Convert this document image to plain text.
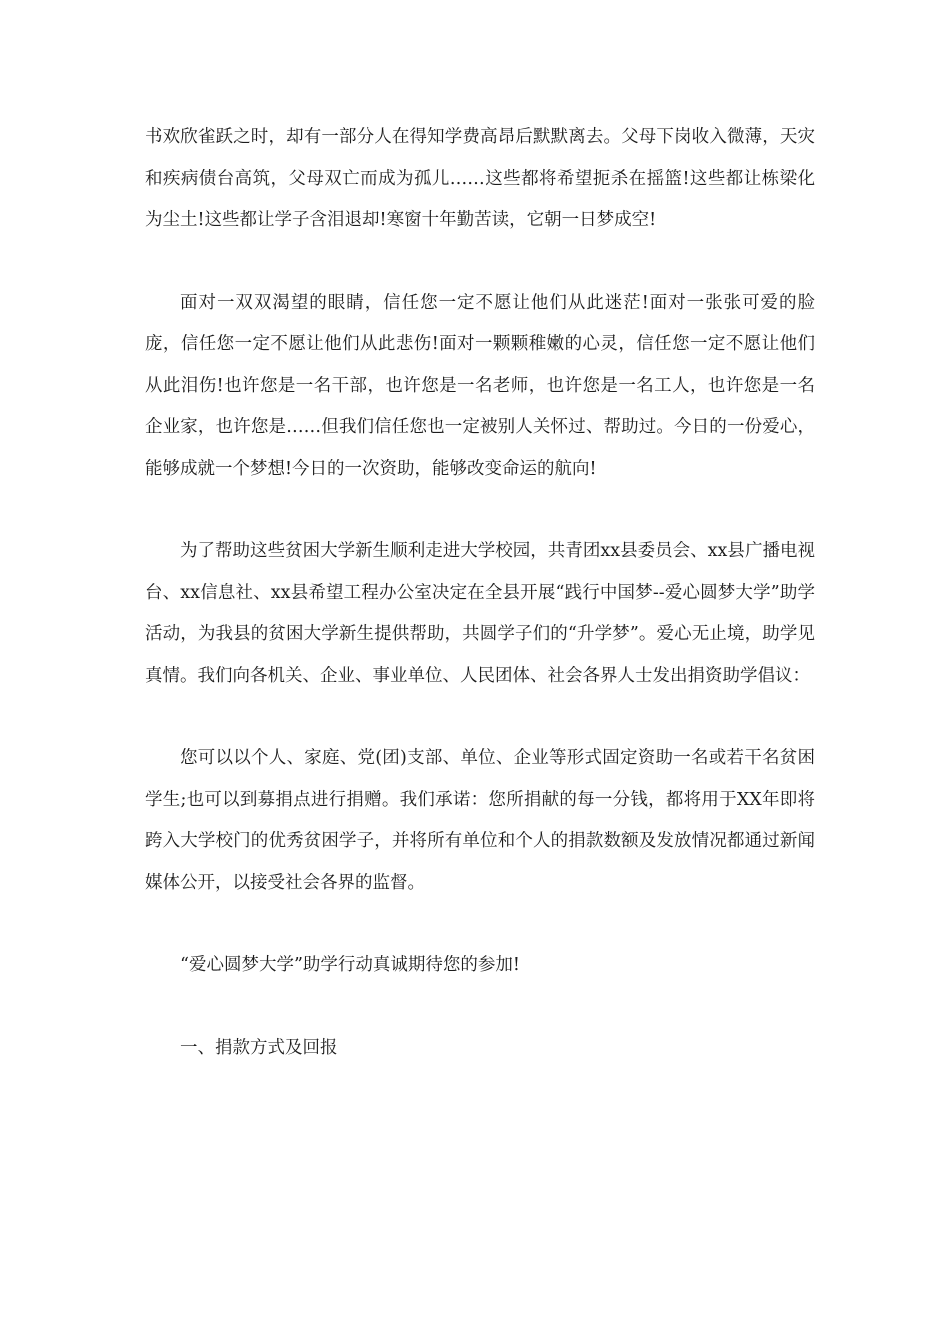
书欢欣雀跃之时，却有一部分人在得知学费高昂后默默离去。父母下岗收入微薄，天灾和疾病债台高筑，父母双亡而成为孤儿……这些都将希望扼杀在摇篮!这些都让栋梁化为尘土!这些都让学子含泪退却!寒窗十年勤苦读，它朝一日梦成空!

面对一双双渴望的眼睛，信任您一定不愿让他们从此迷茫!面对一张张可爱的脸庞，信任您一定不愿让他们从此悲伤!面对一颗颗稚嫩的心灵，信任您一定不愿让他们从此泪伤!也许您是一名干部，也许您是一名老师，也许您是一名工人，也许您是一名企业家，也许您是……但我们信任您也一定被别人关怀过、帮助过。今日的一份爱心，能够成就一个梦想!今日的一次资助，能够改变命运的航向!

为了帮助这些贫困大学新生顺利走进大学校园，共青团xx县委员会、xx县广播电视台、xx信息社、xx县希望工程办公室决定在全县开展“践行中国梦--爱心圆梦大学”助学活动，为我县的贫困大学新生提供帮助，共圆学子们的“升学梦”。爱心无止境，助学见真情。我们向各机关、企业、事业单位、人民团体、社会各界人士发出捐资助学倡议：

您可以以个人、家庭、党(团)支部、单位、企业等形式固定资助一名或若干名贫困学生;也可以到募捐点进行捐赠。我们承诺：您所捐献的每一分钱，都将用于XX年即将跨入大学校门的优秀贫困学子，并将所有单位和个人的捐款数额及发放情况都通过新闻媒体公开，以接受社会各界的监督。

“爱心圆梦大学”助学行动真诚期待您的参加!

一、捐款方式及回报
